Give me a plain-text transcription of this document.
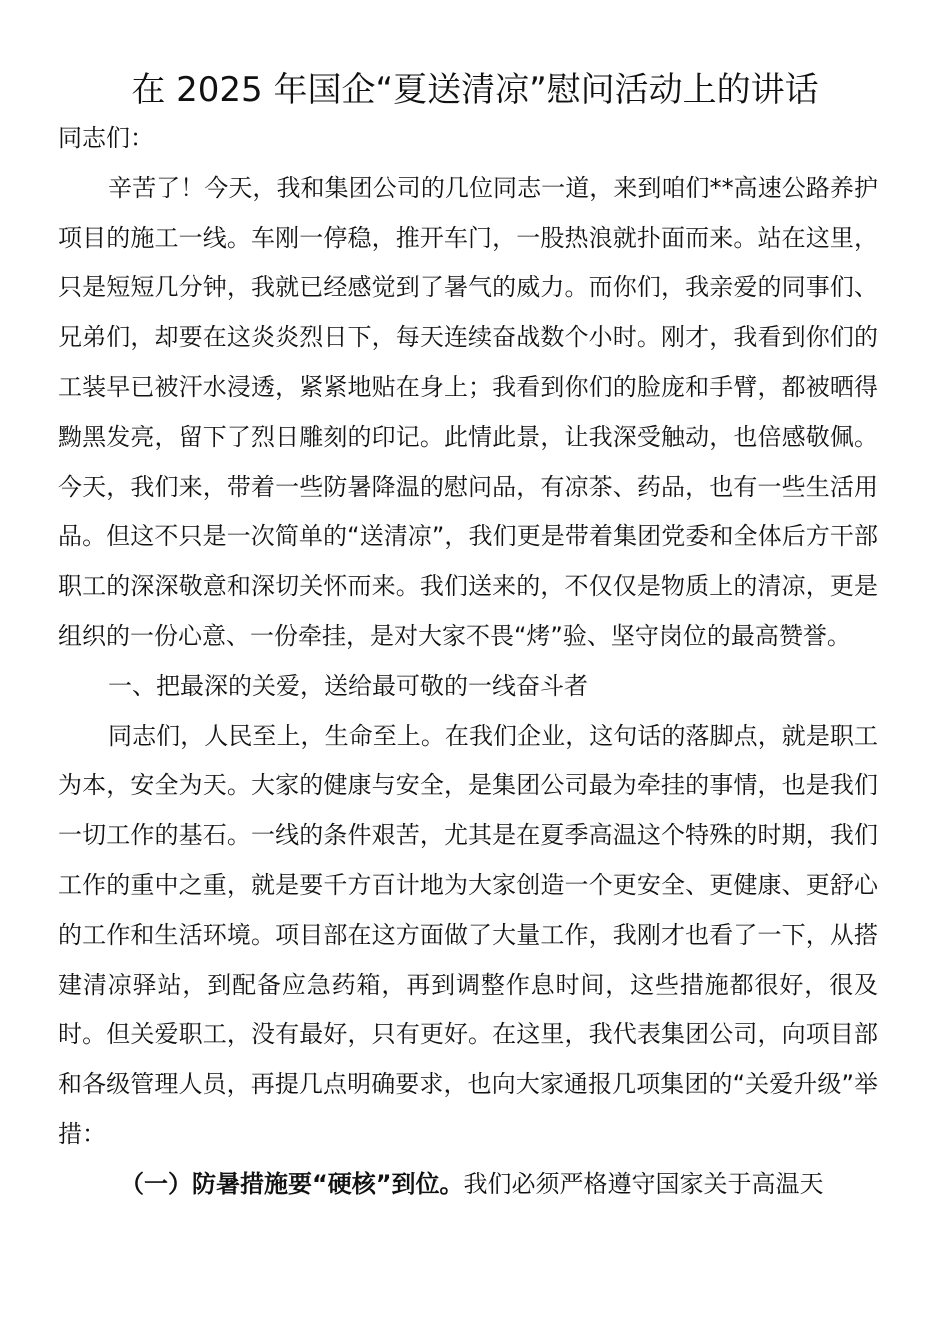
在 2025 年国企“夏送清凉”慰问活动上的讲话

同志们：

辛苦了！今天，我和集团公司的几位同志一道，来到咱们**高速公路养护项目的施工一线。车刚一停稳，推开车门，一股热浪就扑面而来。站在这里，只是短短几分钟，我就已经感觉到了暑气的威力。而你们，我亲爱的同事们、兄弟们，却要在这炎炎烈日下，每天连续奋战数个小时。刚才，我看到你们的工装早已被汗水浸透，紧紧地贴在身上；我看到你们的脸庞和手臂，都被晒得黝黑发亮，留下了烈日雕刻的印记。此情此景，让我深受触动，也倍感敬佩。今天，我们来，带着一些防暑降温的慰问品，有凉茶、药品，也有一些生活用品。但这不只是一次简单的“送清凉”，我们更是带着集团党委和全体后方干部职工的深深敬意和深切关怀而来。我们送来的，不仅仅是物质上的清凉，更是组织的一份心意、一份牵挂，是对大家不畏“烤”验、坚守岗位的最高赞誉。

一、把最深的关爱，送给最可敬的一线奋斗者

同志们，人民至上，生命至上。在我们企业，这句话的落脚点，就是职工为本，安全为天。大家的健康与安全，是集团公司最为牵挂的事情，也是我们一切工作的基石。一线的条件艰苦，尤其是在夏季高温这个特殊的时期，我们工作的重中之重，就是要千方百计地为大家创造一个更安全、更健康、更舒心的工作和生活环境。项目部在这方面做了大量工作，我刚才也看了一下，从搭建清凉驿站，到配备应急药箱，再到调整作息时间，这些措施都很好，很及时。但关爱职工，没有最好，只有更好。在这里，我代表集团公司，向项目部和各级管理人员，再提几点明确要求，也向大家通报几项集团的“关爱升级”举措：

（一）防暑措施要“硬核”到位。我们必须严格遵守国家关于高温天
